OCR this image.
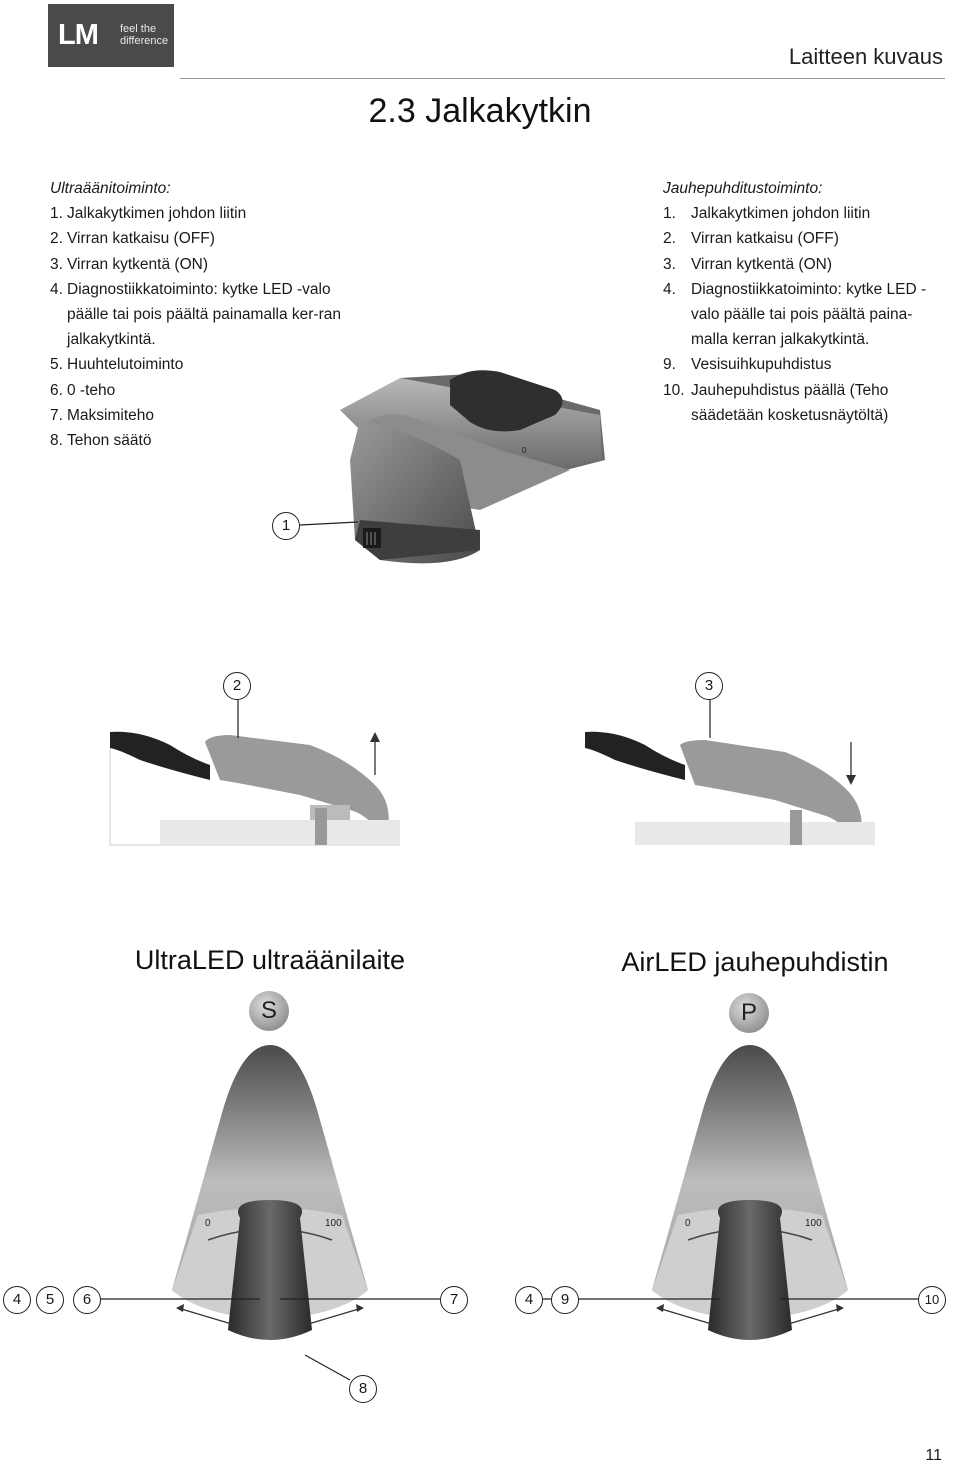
LM feel the
difference
Laitteen kuvaus
2.3 Jalkakytkin
Ultraäänitoiminto:
1. Jalkakytkimen johdon liitin
2. Virran katkaisu (OFF)
3. Virran kytkentä (ON)
4. Diagnostiikkatoiminto: kytke LED -valo päälle tai pois päältä painamalla ker-ran jalkakytkintä.
5. Huuhtelutoiminto
6. 0 -teho
7. Maksimiteho
8. Tehon säätö
Jauhepuhditustoiminto:
1. Jalkakytkimen johdon liitin
2. Virran katkaisu (OFF)
3. Virran kytkentä (ON)
4. Diagnostiikkatoiminto: kytke LED -valo päälle tai pois päältä paina-malla kerran jalkakytkintä.
9. Vesisuihkupuhdistus
10. Jauhepuhdistus päällä (Teho säädetään kosketusnäytöltä)
0
1
2	3
UltraLED ultraäänilaite	AirLED jauhepuhdistin
S	P
0	100	0	100
4	5	6	7
8
4	9	10
11
